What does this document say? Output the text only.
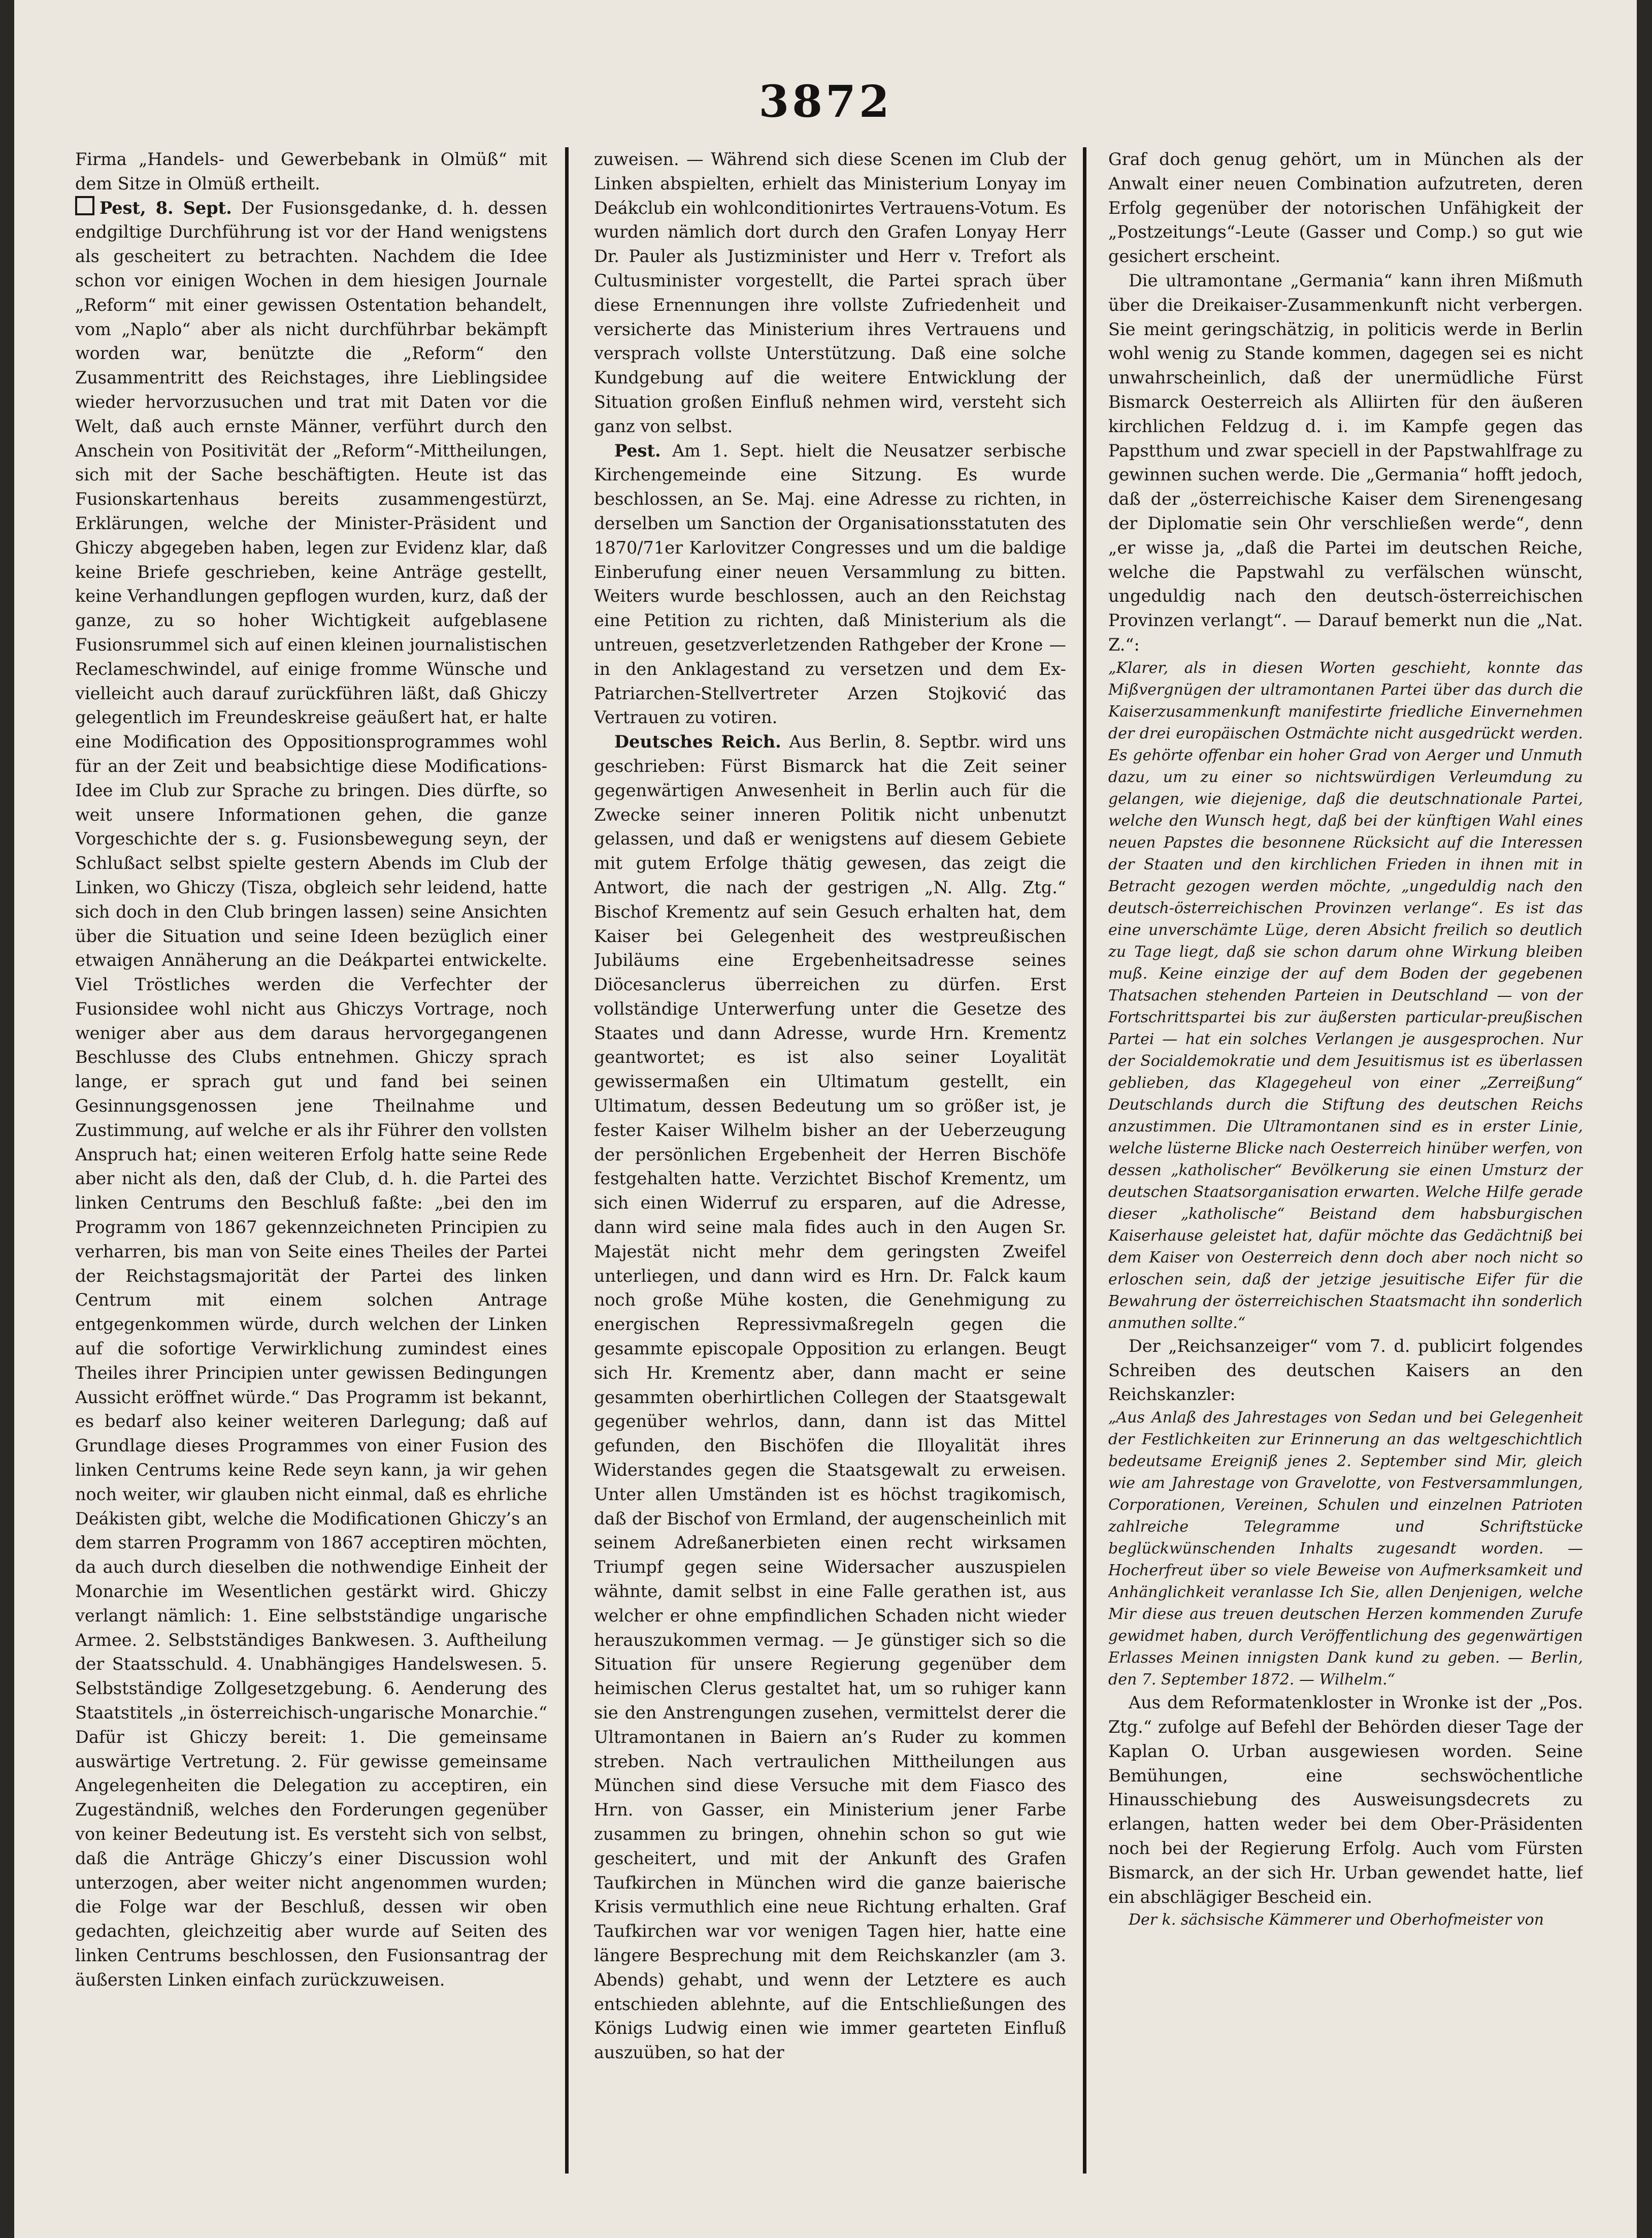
3872

Firma „Handels- und Gewerbebank in Olmüß“ mit dem Sitze in Olmüß ertheilt.

Pest, 8. Sept. Der Fusionsgedanke, d. h. dessen endgiltige Durchführung ist vor der Hand wenigstens als gescheitert zu betrachten. Nachdem die Idee schon vor einigen Wochen in dem hiesigen Journale „Reform“ mit einer gewissen Ostentation behandelt, vom „Naplo“ aber als nicht durchführbar bekämpft worden war, benützte die „Reform“ den Zusammentritt des Reichstages, ihre Lieblingsidee wieder hervorzusuchen und trat mit Daten vor die Welt, daß auch ernste Männer, verführt durch den Anschein von Positivität der „Reform“-Mittheilungen, sich mit der Sache beschäftigten. Heute ist das Fusionskartenhaus bereits zusammengestürzt, Erklärungen, welche der Minister-Präsident und Ghiczy abgegeben haben, legen zur Evidenz klar, daß keine Briefe geschrieben, keine Anträge gestellt, keine Verhandlungen gepflogen wurden, kurz, daß der ganze, zu so hoher Wichtigkeit aufgeblasene Fusionsrummel sich auf einen kleinen journalistischen Reclameschwindel, auf einige fromme Wünsche und vielleicht auch darauf zurückführen läßt, daß Ghiczy gelegentlich im Freundeskreise geäußert hat, er halte eine Modification des Oppositionsprogrammes wohl für an der Zeit und beabsichtige diese Modifications-Idee im Club zur Sprache zu bringen. Dies dürfte, so weit unsere Informationen gehen, die ganze Vorgeschichte der s. g. Fusionsbewegung seyn, der Schlußact selbst spielte gestern Abends im Club der Linken, wo Ghiczy (Tisza, obgleich sehr leidend, hatte sich doch in den Club bringen lassen) seine Ansichten über die Situation und seine Ideen bezüglich einer etwaigen Annäherung an die Deákpartei entwickelte. Viel Tröstliches werden die Verfechter der Fusionsidee wohl nicht aus Ghiczys Vortrage, noch weniger aber aus dem daraus hervorgegangenen Beschlusse des Clubs entnehmen. Ghiczy sprach lange, er sprach gut und fand bei seinen Gesinnungsgenossen jene Theilnahme und Zustimmung, auf welche er als ihr Führer den vollsten Anspruch hat; einen weiteren Erfolg hatte seine Rede aber nicht als den, daß der Club, d. h. die Partei des linken Centrums den Beschluß faßte: „bei den im Programm von 1867 gekennzeichneten Principien zu verharren, bis man von Seite eines Theiles der Partei der Reichstagsmajorität der Partei des linken Centrum mit einem solchen Antrage entgegenkommen würde, durch welchen der Linken auf die sofortige Verwirklichung zumindest eines Theiles ihrer Principien unter gewissen Bedingungen Aussicht eröffnet würde.“ Das Programm ist bekannt, es bedarf also keiner weiteren Darlegung; daß auf Grundlage dieses Programmes von einer Fusion des linken Centrums keine Rede seyn kann, ja wir gehen noch weiter, wir glauben nicht einmal, daß es ehrliche Deákisten gibt, welche die Modificationen Ghiczy’s an dem starren Programm von 1867 acceptiren möchten, da auch durch dieselben die nothwendige Einheit der Monarchie im Wesentlichen gestärkt wird. Ghiczy verlangt nämlich: 1. Eine selbstständige ungarische Armee. 2. Selbstständiges Bankwesen. 3. Auftheilung der Staatsschuld. 4. Unabhängiges Handelswesen. 5. Selbstständige Zollgesetzgebung. 6. Aenderung des Staatstitels „in österreichisch-ungarische Monarchie.“ Dafür ist Ghiczy bereit: 1. Die gemeinsame auswärtige Vertretung. 2. Für gewisse gemeinsame Angelegenheiten die Delegation zu acceptiren, ein Zugeständniß, welches den Forderungen gegenüber von keiner Bedeutung ist. Es versteht sich von selbst, daß die Anträge Ghiczy’s einer Discussion wohl unterzogen, aber weiter nicht angenommen wurden; die Folge war der Beschluß, dessen wir oben gedachten, gleichzeitig aber wurde auf Seiten des linken Centrums beschlossen, den Fusionsantrag der äußersten Linken einfach zurückzuweisen.

zuweisen. — Während sich diese Scenen im Club der Linken abspielten, erhielt das Ministerium Lonyay im Deákclub ein wohlconditionirtes Vertrauens-Votum. Es wurden nämlich dort durch den Grafen Lonyay Herr Dr. Pauler als Justizminister und Herr v. Trefort als Cultusminister vorgestellt, die Partei sprach über diese Ernennungen ihre vollste Zufriedenheit und versicherte das Ministerium ihres Vertrauens und versprach vollste Unterstützung. Daß eine solche Kundgebung auf die weitere Entwicklung der Situation großen Einfluß nehmen wird, versteht sich ganz von selbst.

Pest. Am 1. Sept. hielt die Neusatzer serbische Kirchengemeinde eine Sitzung. Es wurde beschlossen, an Se. Maj. eine Adresse zu richten, in derselben um Sanction der Organisationsstatuten des 1870/71er Karlovitzer Congresses und um die baldige Einberufung einer neuen Versammlung zu bitten. Weiters wurde beschlossen, auch an den Reichstag eine Petition zu richten, daß Ministerium als die untreuen, gesetzverletzenden Rathgeber der Krone — in den Anklagestand zu versetzen und dem Ex-Patriarchen-Stellvertreter Arzen Stojković das Vertrauen zu votiren.

Deutsches Reich. Aus Berlin, 8. Septbr. wird uns geschrieben: Fürst Bismarck hat die Zeit seiner gegenwärtigen Anwesenheit in Berlin auch für die Zwecke seiner inneren Politik nicht unbenutzt gelassen, und daß er wenigstens auf diesem Gebiete mit gutem Erfolge thätig gewesen, das zeigt die Antwort, die nach der gestrigen „N. Allg. Ztg.“ Bischof Krementz auf sein Gesuch erhalten hat, dem Kaiser bei Gelegenheit des westpreußischen Jubiläums eine Ergebenheitsadresse seines Diöcesanclerus überreichen zu dürfen. Erst vollständige Unterwerfung unter die Gesetze des Staates und dann Adresse, wurde Hrn. Krementz geantwortet; es ist also seiner Loyalität gewissermaßen ein Ultimatum gestellt, ein Ultimatum, dessen Bedeutung um so größer ist, je fester Kaiser Wilhelm bisher an der Ueberzeugung der persönlichen Ergebenheit der Herren Bischöfe festgehalten hatte. Verzichtet Bischof Krementz, um sich einen Widerruf zu ersparen, auf die Adresse, dann wird seine mala fides auch in den Augen Sr. Majestät nicht mehr dem geringsten Zweifel unterliegen, und dann wird es Hrn. Dr. Falck kaum noch große Mühe kosten, die Genehmigung zu energischen Repressivmaßregeln gegen die gesammte episcopale Opposition zu erlangen. Beugt sich Hr. Krementz aber, dann macht er seine gesammten oberhirtlichen Collegen der Staatsgewalt gegenüber wehrlos, dann, dann ist das Mittel gefunden, den Bischöfen die Illoyalität ihres Widerstandes gegen die Staatsgewalt zu erweisen. Unter allen Umständen ist es höchst tragikomisch, daß der Bischof von Ermland, der augenscheinlich mit seinem Adreßanerbieten einen recht wirksamen Triumpf gegen seine Widersacher auszuspielen wähnte, damit selbst in eine Falle gerathen ist, aus welcher er ohne empfindlichen Schaden nicht wieder herauszukommen vermag. — Je günstiger sich so die Situation für unsere Regierung gegenüber dem heimischen Clerus gestaltet hat, um so ruhiger kann sie den Anstrengungen zusehen, vermittelst derer die Ultramontanen in Baiern an’s Ruder zu kommen streben. Nach vertraulichen Mittheilungen aus München sind diese Versuche mit dem Fiasco des Hrn. von Gasser, ein Ministerium jener Farbe zusammen zu bringen, ohnehin schon so gut wie gescheitert, und mit der Ankunft des Grafen Taufkirchen in München wird die ganze baierische Krisis vermuthlich eine neue Richtung erhalten. Graf Taufkirchen war vor wenigen Tagen hier, hatte eine längere Besprechung mit dem Reichskanzler (am 3. Abends) gehabt, und wenn der Letztere es auch entschieden ablehnte, auf die Entschließungen des Königs Ludwig einen wie immer gearteten Einfluß auszuüben, so hat der

Graf doch genug gehört, um in München als der Anwalt einer neuen Combination aufzutreten, deren Erfolg gegenüber der notorischen Unfähigkeit der „Postzeitungs“-Leute (Gasser und Comp.) so gut wie gesichert erscheint.

Die ultramontane „Germania“ kann ihren Mißmuth über die Dreikaiser-Zusammenkunft nicht verbergen. Sie meint geringschätzig, in politicis werde in Berlin wohl wenig zu Stande kommen, dagegen sei es nicht unwahrscheinlich, daß der unermüdliche Fürst Bismarck Oesterreich als Alliirten für den äußeren kirchlichen Feldzug d. i. im Kampfe gegen das Papstthum und zwar speciell in der Papstwahlfrage zu gewinnen suchen werde. Die „Germania“ hofft jedoch, daß der „österreichische Kaiser dem Sirenengesang der Diplomatie sein Ohr verschließen werde“, denn „er wisse ja, „daß die Partei im deutschen Reiche, welche die Papstwahl zu verfälschen wünscht, ungeduldig nach den deutsch-österreichischen Provinzen verlangt“. — Darauf bemerkt nun die „Nat. Z.“:

„Klarer, als in diesen Worten geschieht, konnte das Mißvergnügen der ultramontanen Partei über das durch die Kaiserzusammenkunft manifestirte friedliche Einvernehmen der drei europäischen Ostmächte nicht ausgedrückt werden. Es gehörte offenbar ein hoher Grad von Aerger und Unmuth dazu, um zu einer so nichtswürdigen Verleumdung zu gelangen, wie diejenige, daß die deutschnationale Partei, welche den Wunsch hegt, daß bei der künftigen Wahl eines neuen Papstes die besonnene Rücksicht auf die Interessen der Staaten und den kirchlichen Frieden in ihnen mit in Betracht gezogen werden möchte, „ungeduldig nach den deutsch-österreichischen Provinzen verlange“. Es ist das eine unverschämte Lüge, deren Absicht freilich so deutlich zu Tage liegt, daß sie schon darum ohne Wirkung bleiben muß. Keine einzige der auf dem Boden der gegebenen Thatsachen stehenden Parteien in Deutschland — von der Fortschrittspartei bis zur äußersten particular-preußischen Partei — hat ein solches Verlangen je ausgesprochen. Nur der Socialdemokratie und dem Jesuitismus ist es überlassen geblieben, das Klagegeheul von einer „Zerreißung“ Deutschlands durch die Stiftung des deutschen Reichs anzustimmen. Die Ultramontanen sind es in erster Linie, welche lüsterne Blicke nach Oesterreich hinüber werfen, von dessen „katholischer“ Bevölkerung sie einen Umsturz der deutschen Staatsorganisation erwarten. Welche Hilfe gerade dieser „katholische“ Beistand dem habsburgischen Kaiserhause geleistet hat, dafür möchte das Gedächtniß bei dem Kaiser von Oesterreich denn doch aber noch nicht so erloschen sein, daß der jetzige jesuitische Eifer für die Bewahrung der österreichischen Staatsmacht ihn sonderlich anmuthen sollte.“

Der „Reichsanzeiger“ vom 7. d. publicirt folgendes Schreiben des deutschen Kaisers an den Reichskanzler:

„Aus Anlaß des Jahrestages von Sedan und bei Gelegenheit der Festlichkeiten zur Erinnerung an das weltgeschichtlich bedeutsame Ereigniß jenes 2. September sind Mir, gleich wie am Jahrestage von Gravelotte, von Festversammlungen, Corporationen, Vereinen, Schulen und einzelnen Patrioten zahlreiche Telegramme und Schriftstücke beglückwünschenden Inhalts zugesandt worden. — Hocherfreut über so viele Beweise von Aufmerksamkeit und Anhänglichkeit veranlasse Ich Sie, allen Denjenigen, welche Mir diese aus treuen deutschen Herzen kommenden Zurufe gewidmet haben, durch Veröffentlichung des gegenwärtigen Erlasses Meinen innigsten Dank kund zu geben. — Berlin, den 7. September 1872. — Wilhelm.“

Aus dem Reformatenkloster in Wronke ist der „Pos. Ztg.“ zufolge auf Befehl der Behörden dieser Tage der Kaplan O. Urban ausgewiesen worden. Seine Bemühungen, eine sechswöchentliche Hinausschiebung des Ausweisungsdecrets zu erlangen, hatten weder bei dem Ober-Präsidenten noch bei der Regierung Erfolg. Auch vom Fürsten Bismarck, an der sich Hr. Urban gewendet hatte, lief ein abschlägiger Bescheid ein.

Der k. sächsische Kämmerer und Oberhofmeister von
